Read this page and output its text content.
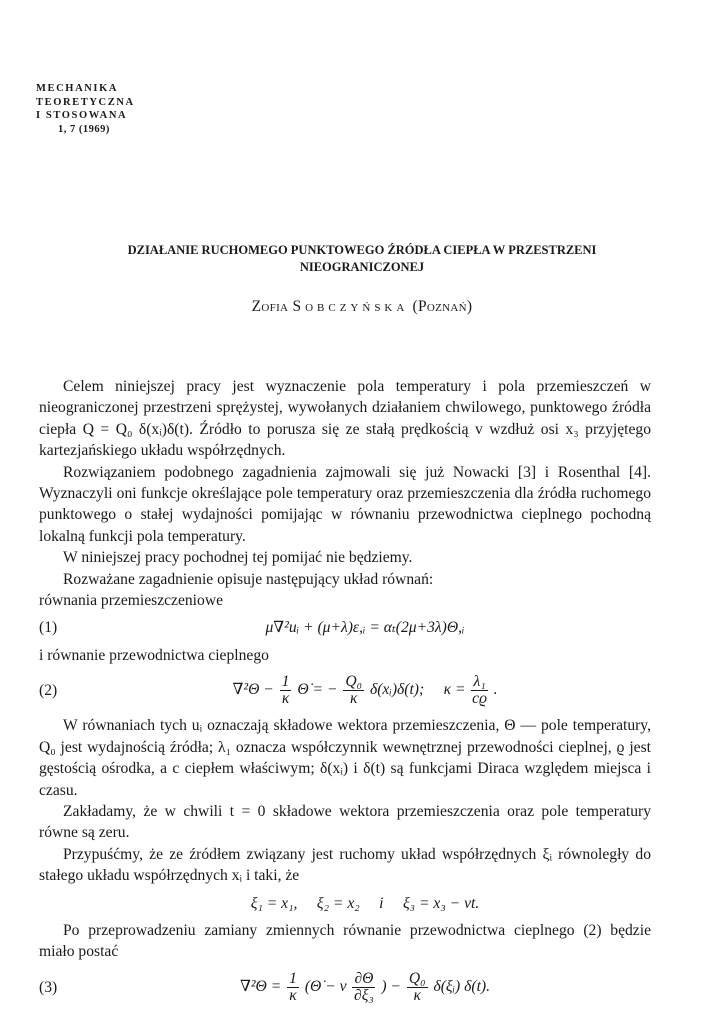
MECHANIKA
TEORETYCZNA
I STOSOWANA
1, 7 (1969)
DZIAŁANIE RUCHOMEGO PUNKTOWEGO ŹRÓDŁA CIEPŁA W PRZESTRZENI
NIEOGRANICZONEJ
Zofia Sobczyńska (Poznań)

Celem niniejszej pracy jest wyznaczenie pola temperatury i pola przemieszczeń w nieograniczonej przestrzeni sprężystej, wywołanych działaniem chwilowego, punktowego źródła ciepła Q = Q₀ δ(xᵢ)δ(t). Źródło to porusza się ze stałą prędkością v wzdłuż osi x₃ przyjętego kartezjańskiego układu współrzędnych.

Rozwiązaniem podobnego zagadnienia zajmowali się już Nowacki [3] i Rosenthal [4]. Wyznaczyli oni funkcje określające pole temperatury oraz przemieszczenia dla źródła ruchomego punktowego o stałej wydajności pomijając w równaniu przewodnictwa cieplnego pochodną lokalną funkcji pola temperatury.

W niniejszej pracy pochodnej tej pomijać nie będziemy.

Rozważane zagadnienie opisuje następujący układ równań:

równania przemieszczeniowe

(1)	μ∇²uᵢ + (μ+λ)ε,ᵢ = αₜ(2μ+3λ)Θ,ᵢ

i równanie przewodnictwa cieplnego

(2)	$\nabla^2\Theta - \frac{1}{\kappa}$ Θ̇ = − $\frac{\text{Q₀}}{\kappa}$ δ(xᵢ)δ(t);     $\kappa = \frac{\text{λ₁}}{cϱ}$ .

W równaniach tych uᵢ oznaczają składowe wektora przemieszczenia, Θ — pole temperatury, Q₀ jest wydajnością źródła; λ₁ oznacza współczynnik wewnętrznej przewodności cieplnej, ϱ jest gęstością ośrodka, a c ciepłem właściwym; δ(xᵢ) i δ(t) są funkcjami Diraca względem miejsca i czasu.

Zakładamy, że w chwili t = 0 składowe wektora przemieszczenia oraz pole temperatury równe są zeru.

Przypuśćmy, że ze źródłem związany jest ruchomy układ współrzędnych ξᵢ równoległy do stałego układu współrzędnych xᵢ i taki, że

ξ₁ = x₁,     ξ₂ = x₂     i     ξ₃ = x₃ − vt.

Po przeprowadzeniu zamiany zmiennych równanie przewodnictwa cieplnego (2) będzie miało postać

(3)	$\nabla^2\Theta = \frac{1}{\kappa}$ (Θ̇ − v $\frac{\partial\Theta}{\text{∂ξ₃}}$ ) − $\frac{\text{Q₀}}{\kappa}$ δ(ξᵢ) δ(t).
